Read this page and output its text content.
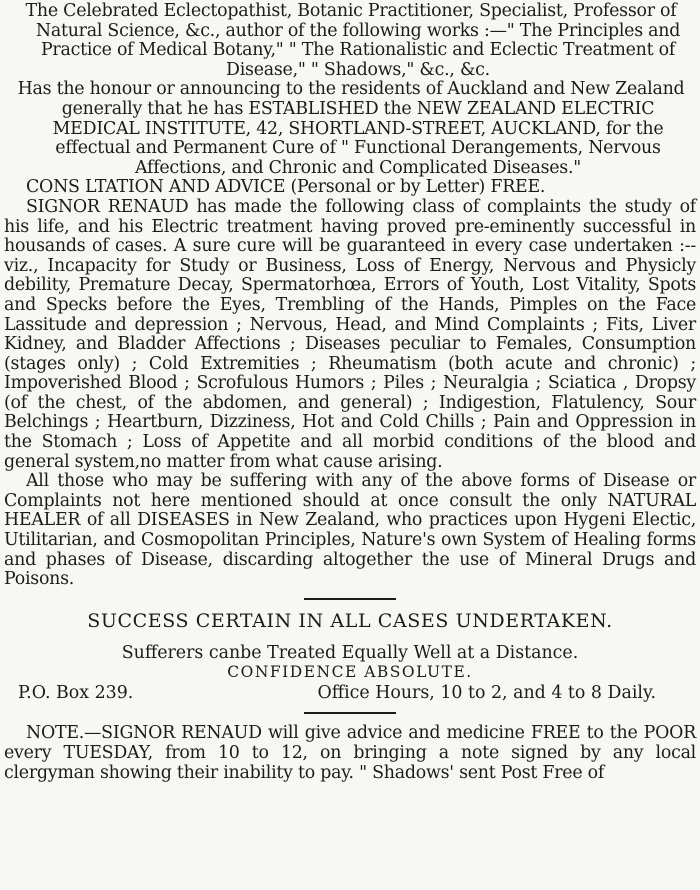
The Celebrated Eclectopathist, Botanic Practitioner, Specialist, Professor of Natural Science, &c., author of the following works :—" The Principles and Practice of Medical Botany," " The Rationalistic and Eclectic Treatment of Disease," " Shadows," &c., &c.

Has the honour or announcing to the residents of Auckland and New Zealand generally that he has ESTABLISHED the NEW ZEALAND ELECTRIC MEDICAL INSTITUTE, 42, SHORTLAND-STREET, AUCKLAND, for the effectual and Permanent Cure of " Functional Derangements, Nervous Affections, and Chronic and Complicated Diseases."

CONS LTATION AND ADVICE (Personal or by Letter) FREE.

SIGNOR RENAUD has made the following class of complaints the study of his life, and his Electric treatment having proved pre-eminently successful in housands of cases. A sure cure will be guaranteed in every case undertaken :-- viz., Incapacity for Study or Business, Loss of Energy, Nervous and Physicly debility, Premature Decay, Spermatorhœa, Errors of Youth, Lost Vitality, Spots and Specks before the Eyes, Trembling of the Hands, Pimples on the Face Lassitude and depression ; Nervous, Head, and Mind Complaints ; Fits, Liver Kidney, and Bladder Affections ; Diseases peculiar to Females, Consumption (stages only) ; Cold Extremities ; Rheumatism (both acute and chronic) ; Impoverished Blood ; Scrofulous Humors ; Piles ; Neuralgia ; Sciatica , Dropsy (of the chest, of the abdomen, and general) ; Indigestion, Flatulency, Sour Belchings ; Heartburn, Dizziness, Hot and Cold Chills ; Pain and Oppression in the Stomach ; Loss of Appetite and all morbid conditions of the blood and general system,no matter from what cause arising.

All those who may be suffering with any of the above forms of Disease or Complaints not here mentioned should at once consult the only NATURAL HEALER of all DISEASES in New Zealand, who practices upon Hygeni Electic, Utilitarian, and Cosmopolitan Principles, Nature's own System of Healing forms and phases of Disease, discarding altogether the use of Mineral Drugs and Poisons.

SUCCESS CERTAIN IN ALL CASES UNDERTAKEN.

Sufferers canbe Treated Equally Well at a Distance.

CONFIDENCE ABSOLUTE.

P.O. Box 239.	Office Hours, 10 to 2, and 4 to 8 Daily.

NOTE.—SIGNOR RENAUD will give advice and medicine FREE to the POOR every TUESDAY, from 10 to 12, on bringing a note signed by any local clergyman showing their inability to pay. " Shadows' sent Post Free of
